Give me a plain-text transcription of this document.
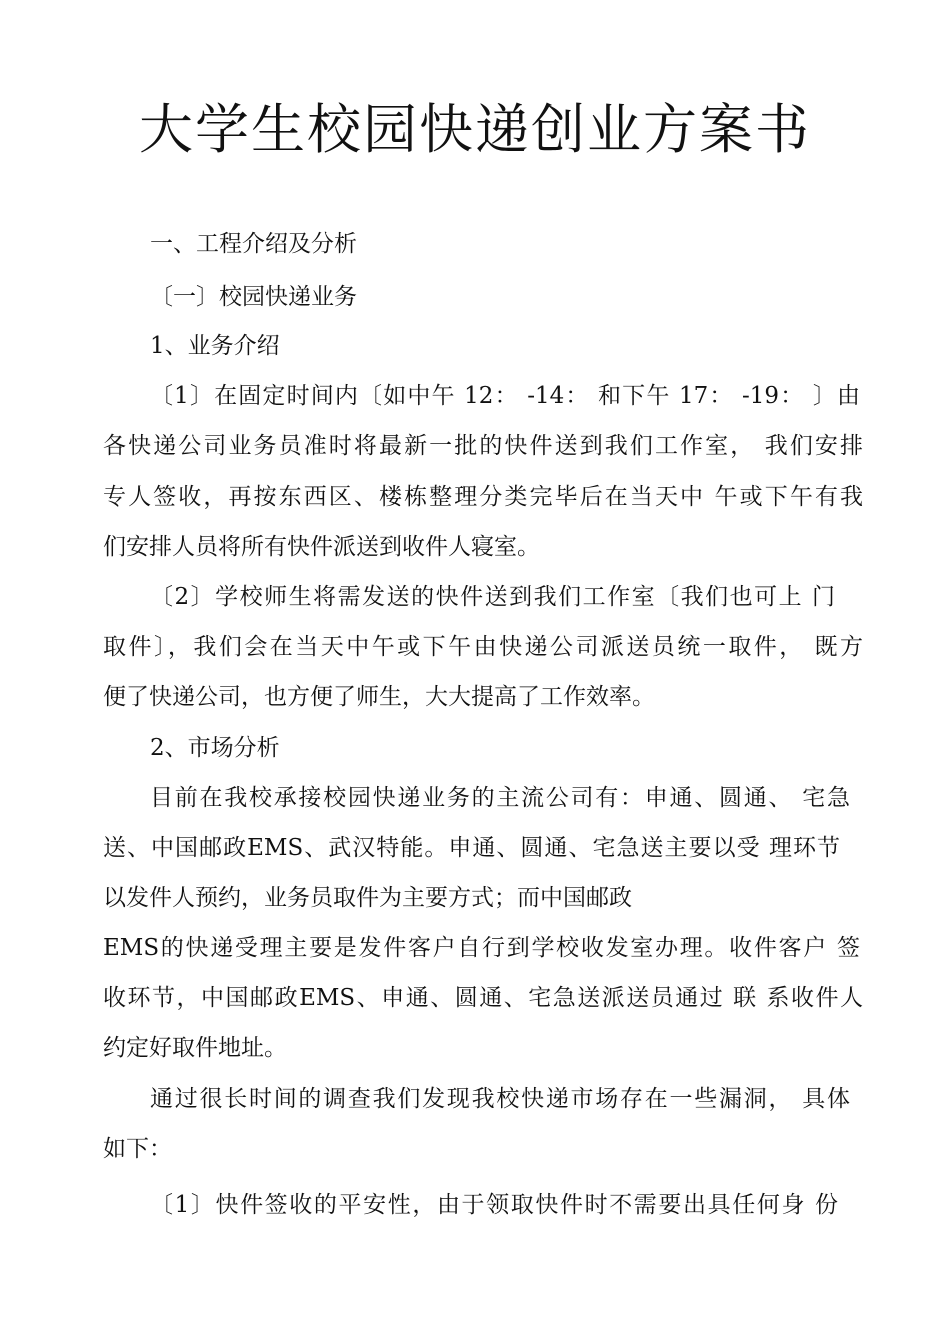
大学生校园快递创业方案书

一、工程介绍及分析

〔一〕校园快递业务

1、业务介绍

〔1〕在固定时间内〔如中午 12： -14： 和下午 17： -19： 〕由

各快递公司业务员准时将最新一批的快件送到我们工作室， 我们安排

专人签收，再按东西区、楼栋整理分类完毕后在当天中 午或下午有我

们安排人员将所有快件派送到收件人寝室。

〔2〕学校师生将需发送的快件送到我们工作室〔我们也可上 门

取件〕，我们会在当天中午或下午由快递公司派送员统一取件， 既方

便了快递公司，也方便了师生，大大提高了工作效率。

2、市场分析

目前在我校承接校园快递业务的主流公司有：申通、圆通、 宅急

送、中国邮政EMS、武汉特能。申通、圆通、宅急送主要以受 理环节

以发件人预约，业务员取件为主要方式；而中国邮政

EMS的快递受理主要是发件客户自行到学校收发室办理。收件客户 签

收环节，中国邮政EMS、申通、圆通、宅急送派送员通过 联 系收件人

约定好取件地址。

通过很长时间的调查我们发现我校快递市场存在一些漏洞， 具体

如下：

〔1〕快件签收的平安性，由于领取快件时不需要出具任何身 份
